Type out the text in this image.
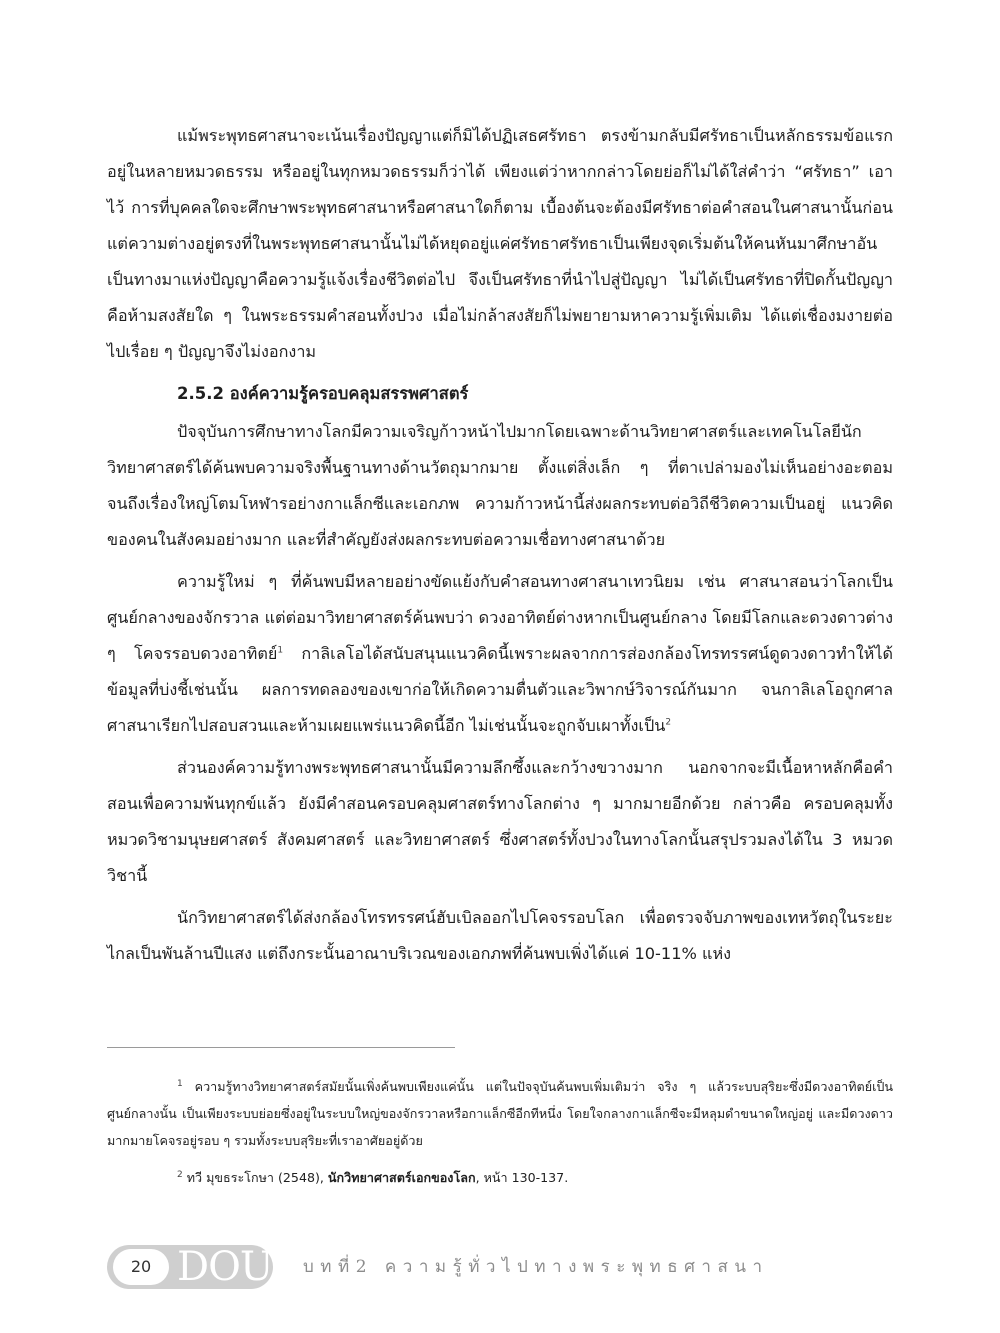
แม้พระพุทธศาสนาจะเน้นเรื่องปัญญาแต่ก็มิได้ปฏิเสธศรัทธา ตรงข้ามกลับมีศรัทธาเป็นหลักธรรมข้อแรกอยู่ในหลายหมวดธรรม หรืออยู่ในทุกหมวดธรรมก็ว่าได้ เพียงแต่ว่าหากกล่าวโดยย่อก็ไม่ได้ใส่คำว่า “ศรัทธา” เอาไว้ การที่บุคคลใดจะศึกษาพระพุทธศาสนาหรือศาสนาใดก็ตาม เบื้องต้นจะต้องมีศรัทธาต่อคำสอนในศาสนานั้นก่อน แต่ความต่างอยู่ตรงที่ในพระพุทธศาสนานั้นไม่ได้หยุดอยู่แค่ศรัทธาศรัทธาเป็นเพียงจุดเริ่มต้นให้คนหันมาศึกษาอันเป็นทางมาแห่งปัญญาคือความรู้แจ้งเรื่องชีวิตต่อไป จึงเป็นศรัทธาที่นำไปสู่ปัญญา ไม่ได้เป็นศรัทธาที่ปิดกั้นปัญญาคือห้ามสงสัยใด ๆ ในพระธรรมคำสอนทั้งปวง เมื่อไม่กล้าสงสัยก็ไม่พยายามหาความรู้เพิ่มเติม ได้แต่เชื่องมงายต่อไปเรื่อย ๆ ปัญญาจึงไม่งอกงาม

2.5.2 องค์ความรู้ครอบคลุมสรรพศาสตร์

ปัจจุบันการศึกษาทางโลกมีความเจริญก้าวหน้าไปมากโดยเฉพาะด้านวิทยาศาสตร์และเทคโนโลยีนักวิทยาศาสตร์ได้ค้นพบความจริงพื้นฐานทางด้านวัตถุมากมาย ตั้งแต่สิ่งเล็ก ๆ ที่ตาเปล่ามองไม่เห็นอย่างอะตอม จนถึงเรื่องใหญ่โตมโหฬารอย่างกาแล็กซีและเอกภพ ความก้าวหน้านี้ส่งผลกระทบต่อวิถีชีวิตความเป็นอยู่ แนวคิดของคนในสังคมอย่างมาก และที่สำคัญยังส่งผลกระทบต่อความเชื่อทางศาสนาด้วย

ความรู้ใหม่ ๆ ที่ค้นพบมีหลายอย่างขัดแย้งกับคำสอนทางศาสนาเทวนิยม เช่น ศาสนาสอนว่าโลกเป็นศูนย์กลางของจักรวาล แต่ต่อมาวิทยาศาสตร์ค้นพบว่า ดวงอาทิตย์ต่างหากเป็นศูนย์กลาง โดยมีโลกและดวงดาวต่าง ๆ โคจรรอบดวงอาทิตย์$^1$ กาลิเลโอได้สนับสนุนแนวคิดนี้เพราะผลจากการส่องกล้องโทรทรรศน์ดูดวงดาวทำให้ได้ข้อมูลที่บ่งชี้เช่นนั้น ผลการทดลองของเขาก่อให้เกิดความตื่นตัวและวิพากษ์วิจารณ์กันมาก จนกาลิเลโอถูกศาลศาสนาเรียกไปสอบสวนและห้ามเผยแพร่แนวคิดนี้อีก ไม่เช่นนั้นจะถูกจับเผาทั้งเป็น$^2$

ส่วนองค์ความรู้ทางพระพุทธศาสนานั้นมีความลึกซึ้งและกว้างขวางมาก นอกจากจะมีเนื้อหาหลักคือคำสอนเพื่อความพ้นทุกข์แล้ว ยังมีคำสอนครอบคลุมศาสตร์ทางโลกต่าง ๆ มากมายอีกด้วย กล่าวคือ ครอบคลุมทั้งหมวดวิชามนุษยศาสตร์ สังคมศาสตร์ และวิทยาศาสตร์ ซึ่งศาสตร์ทั้งปวงในทางโลกนั้นสรุปรวมลงได้ใน 3 หมวดวิชานี้

นักวิทยาศาสตร์ได้ส่งกล้องโทรทรรศน์ฮับเบิลออกไปโคจรรอบโลก เพื่อตรวจจับภาพของเทหวัตถุในระยะไกลเป็นพันล้านปีแสง แต่ถึงกระนั้นอาณาบริเวณของเอกภพที่ค้นพบเพิ่งได้แค่ 10-11% แห่ง

$^1$ ความรู้ทางวิทยาศาสตร์สมัยนั้นเพิ่งค้นพบเพียงแค่นั้น แต่ในปัจจุบันค้นพบเพิ่มเติมว่า จริง ๆ แล้วระบบสุริยะซึ่งมีดวงอาทิตย์เป็นศูนย์กลางนั้น เป็นเพียงระบบย่อยซึ่งอยู่ในระบบใหญ่ของจักรวาลหรือกาแล็กซีอีกทีหนึ่ง โดยใจกลางกาแล็กซีจะมีหลุมดำขนาดใหญ่อยู่ และมีดวงดาวมากมายโคจรอยู่รอบ ๆ รวมทั้งระบบสุริยะที่เราอาศัยอยู่ด้วย

$^2$ ทวี มุขธระโกษา (2548), นักวิทยาศาสตร์เอกของโลก, หน้า 130-137.

20 DOU บทที่2 ความรู้ทั่วไปทางพระพุทธศาสนา
